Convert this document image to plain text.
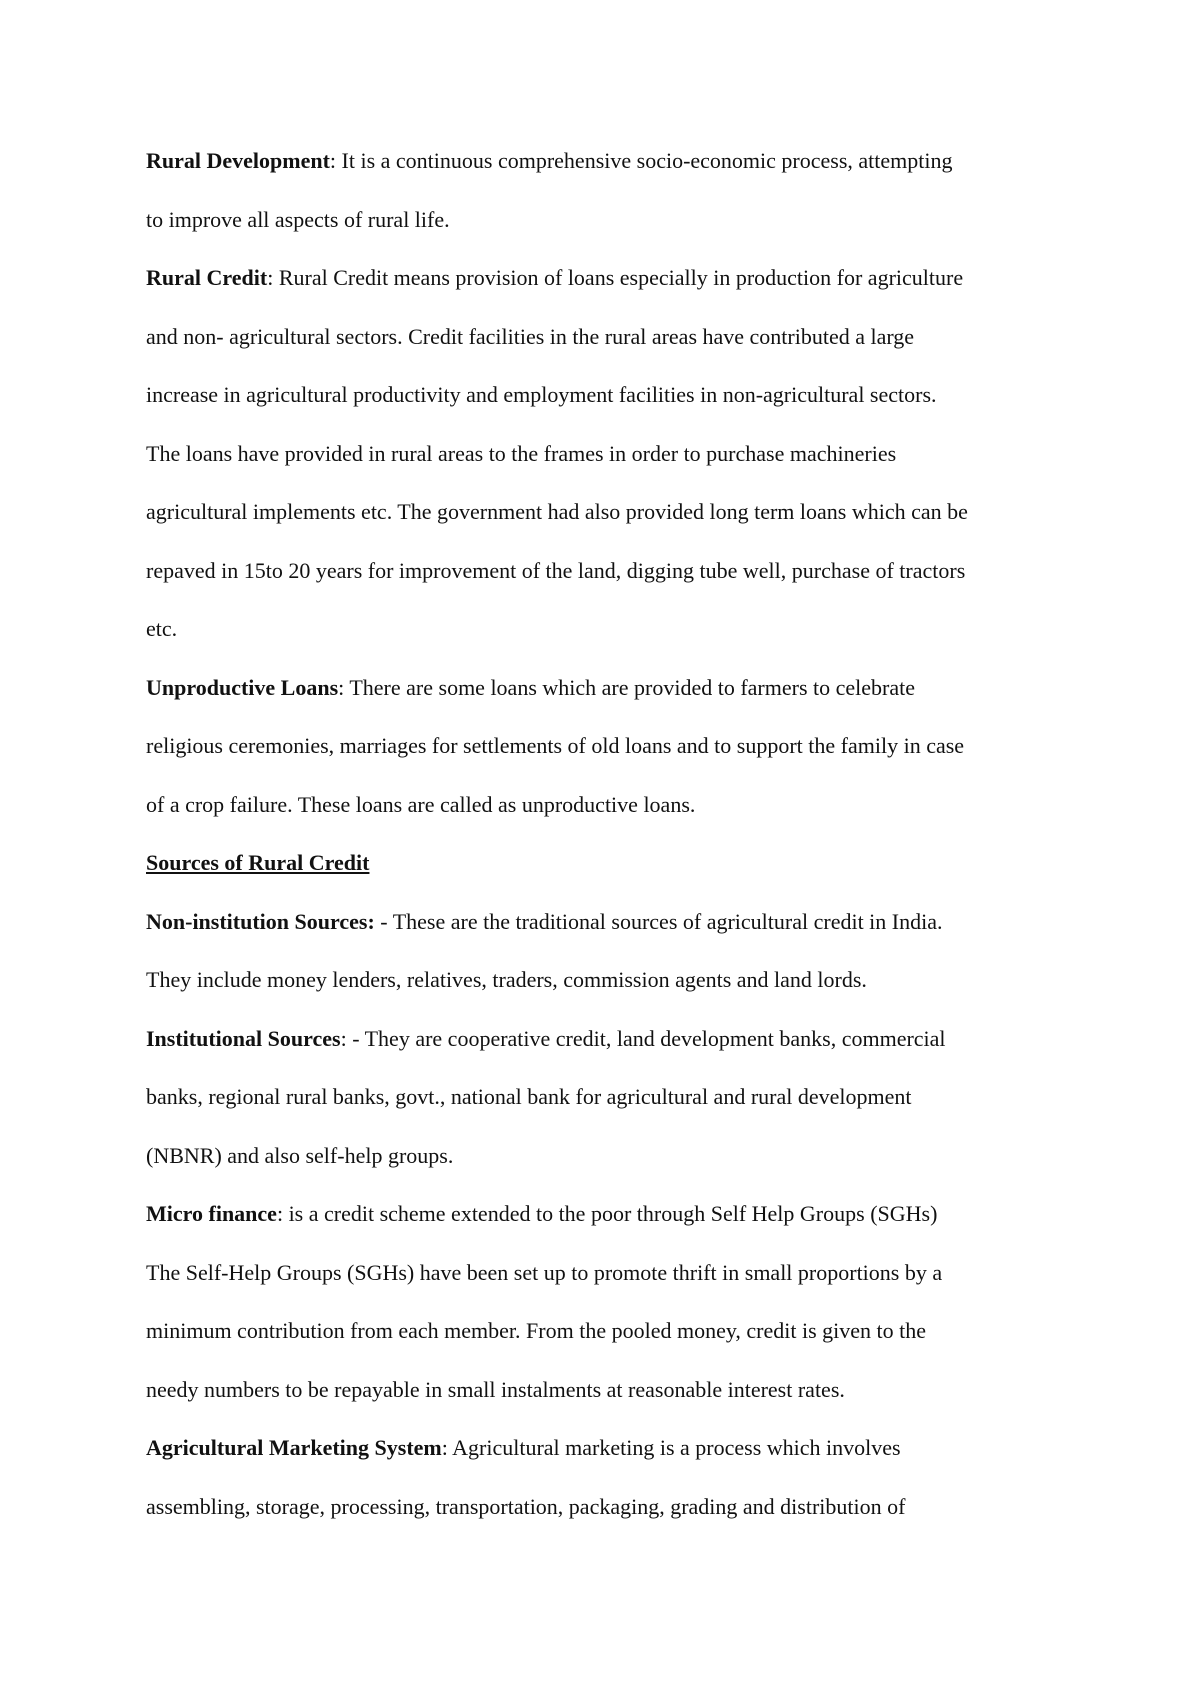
Rural Development: It is a continuous comprehensive socio-economic process, attempting
to improve all aspects of rural life.
Rural Credit: Rural Credit means provision of loans especially in production for agriculture
and non- agricultural sectors. Credit facilities in the rural areas have contributed a large
increase in agricultural productivity and employment facilities in non-agricultural sectors.
The loans have provided in rural areas to the frames in order to purchase machineries
agricultural implements etc. The government had also provided long term loans which can be
repaved in 15to 20 years for improvement of the land, digging tube well, purchase of tractors
etc.
Unproductive Loans: There are some loans which are provided to farmers to celebrate
religious ceremonies, marriages for settlements of old loans and to support the family in case
of a crop failure. These loans are called as unproductive loans.
Sources of Rural Credit
Non-institution Sources: - These are the traditional sources of agricultural credit in India.
They include money lenders, relatives, traders, commission agents and land lords.
Institutional Sources: - They are cooperative credit, land development banks, commercial
banks, regional rural banks, govt., national bank for agricultural and rural development
(NBNR) and also self-help groups.
Micro finance: is a credit scheme extended to the poor through Self Help Groups (SGHs)
The Self-Help Groups (SGHs) have been set up to promote thrift in small proportions by a
minimum contribution from each member. From the pooled money, credit is given to the
needy numbers to be repayable in small instalments at reasonable interest rates.
Agricultural Marketing System: Agricultural marketing is a process which involves
assembling, storage, processing, transportation, packaging, grading and distribution of
